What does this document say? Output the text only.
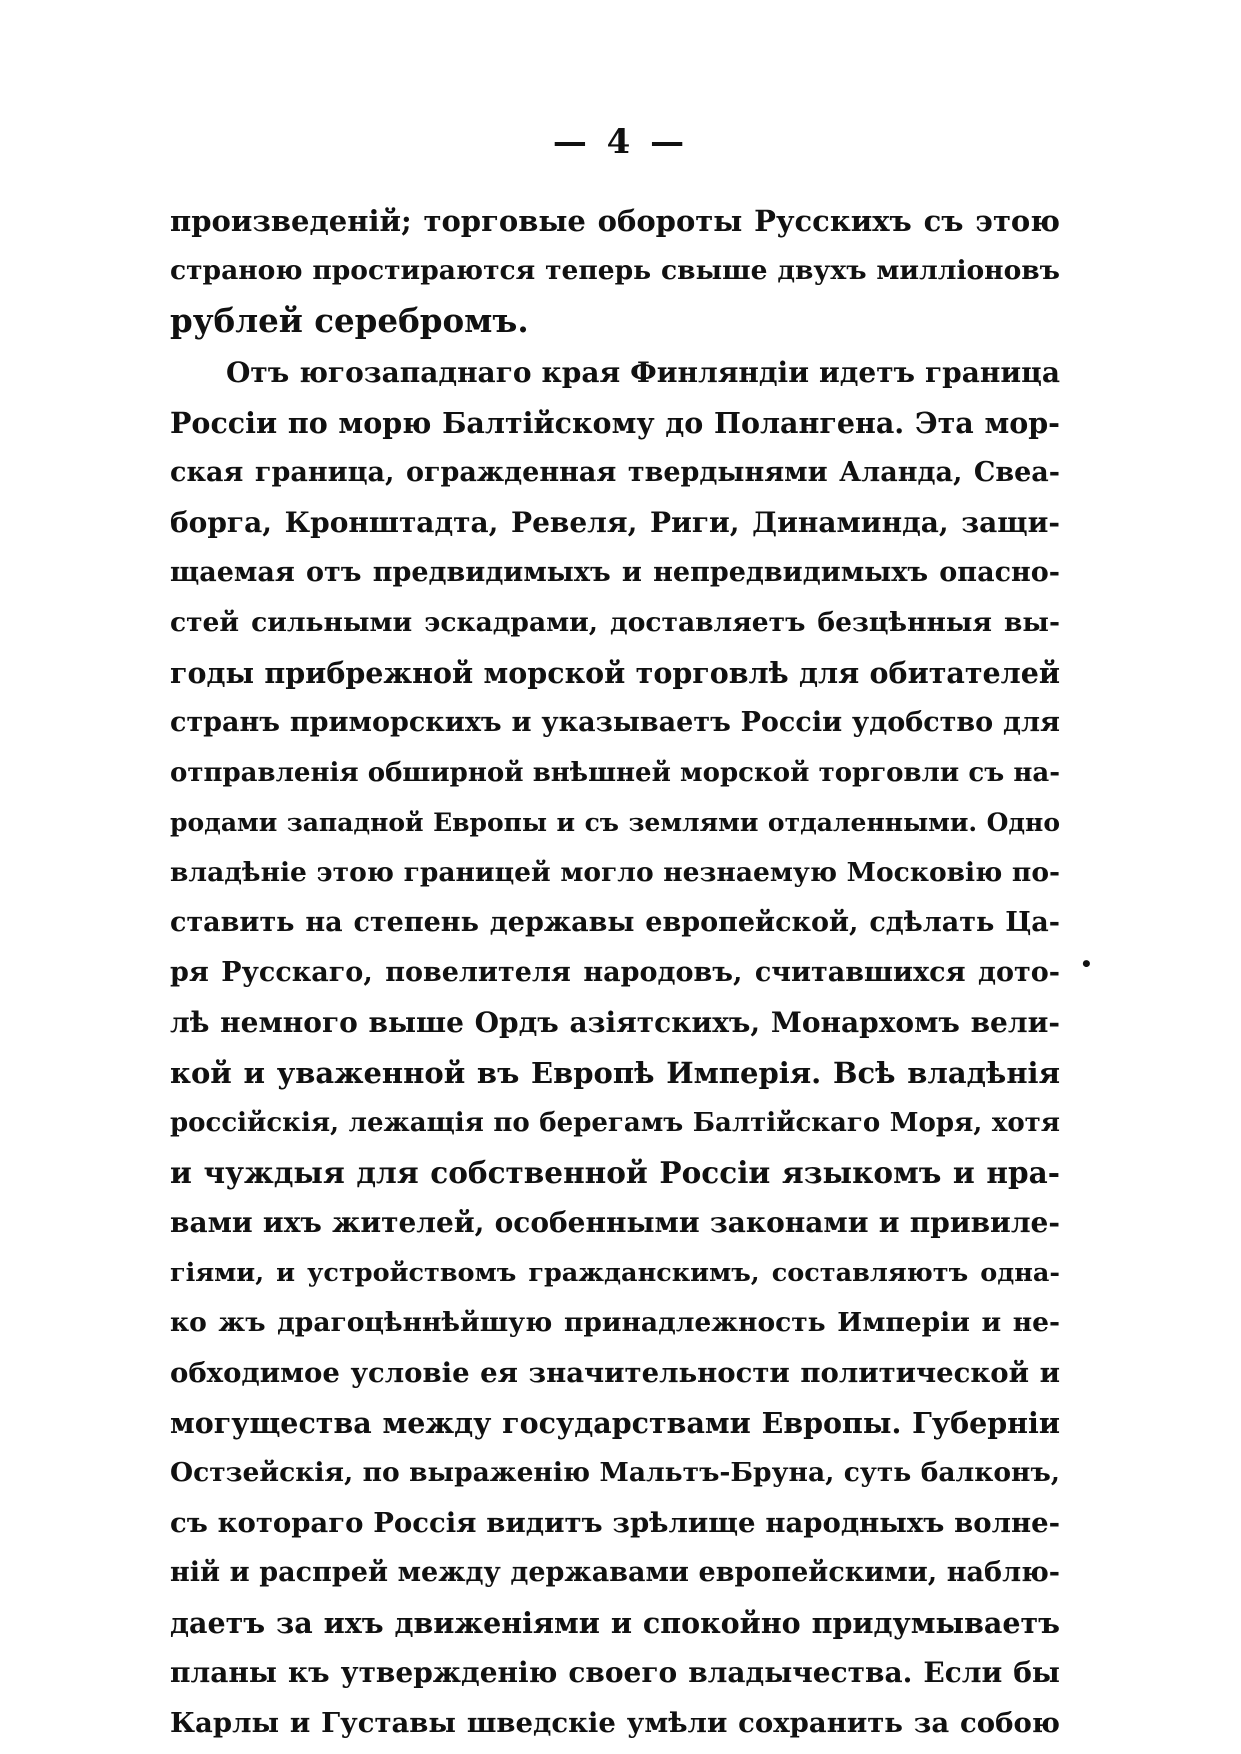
— 4 —
произведеній; торговые обороты Русскихъ съ этою
страною простираются теперь свыше двухъ милліоновъ
рублей серебромъ.
Отъ югозападнаго края Финляндіи идетъ граница
Россіи по морю Балтійскому до Полангена. Эта мор-
ская граница, огражденная твердынями Аланда, Свеа-
борга, Кронштадта, Ревеля, Риги, Динаминда, защи-
щаемая отъ предвидимыхъ и непредвидимыхъ опасно-
стей сильными эскадрами, доставляетъ безцѣнныя вы-
годы прибрежной морской торговлѣ для обитателей
странъ приморскихъ и указываетъ Россіи удобство для
отправленія обширной внѣшней морской торговли съ на-
родами западной Европы и съ землями отдаленными. Одно
владѣніе этою границей могло незнаемую Московію по-
ставить на степень державы европейской, сдѣлать Ца-
ря Русскаго, повелителя народовъ, считавшихся дото-
лѣ немного выше Ордъ азіятскихъ, Монархомъ вели-
кой и уваженной въ Европѣ Имперія. Всѣ владѣнія
россійскія, лежащія по берегамъ Балтійскаго Моря, хотя
и чуждыя для собственной Россіи языкомъ и нра-
вами ихъ жителей, особенными законами и привиле-
гіями, и устройствомъ гражданскимъ, составляютъ одна-
ко жъ драгоцѣннѣйшую принадлежность Имперіи и не-
обходимое условіе ея значительности политической и
могущества между государствами Европы. Губерніи
Остзейскія, по выраженію Мальтъ-Бруна, суть балконъ,
съ котораго Россія видитъ зрѣлище народныхъ волне-
ній и распрей между державами европейскими, наблю-
даетъ за ихъ движеніями и спокойно придумываетъ
планы къ утвержденію своего владычества. Если бы
Карлы и Густавы шведскіе умѣли сохранить за собою
•
